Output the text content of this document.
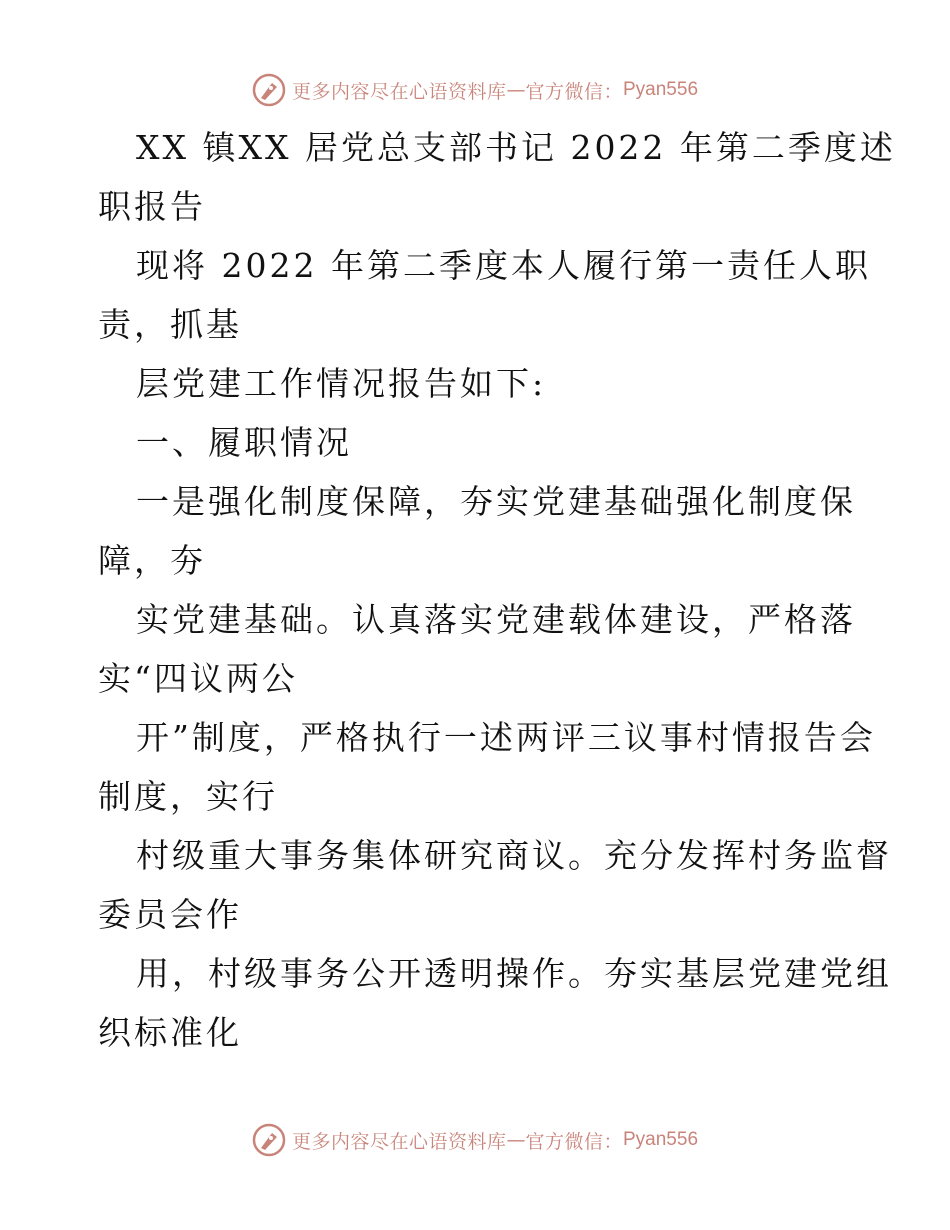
更多内容尽在心语资料库 — 官方微信： Pyan556
XX 镇XX 居党总支部书记 2022 年第二季度述
职报告
现将 2022 年第二季度本人履行第一责任人职
责，抓基
层党建工作情况报告如下:
一、履职情况
一是强化制度保障，夯实党建基础强化制度保
障，夯
实党建基础。认真落实党建载体建设，严格落
实“四议两公
开”制度，严格执行一述两评三议事村情报告会
制度，实行
村级重大事务集体研究商议。充分发挥村务监督
委员会作
用，村级事务公开透明操作。夯实基层党建党组
织标准化
更多内容尽在心语资料库 — 官方微信： Pyan556
